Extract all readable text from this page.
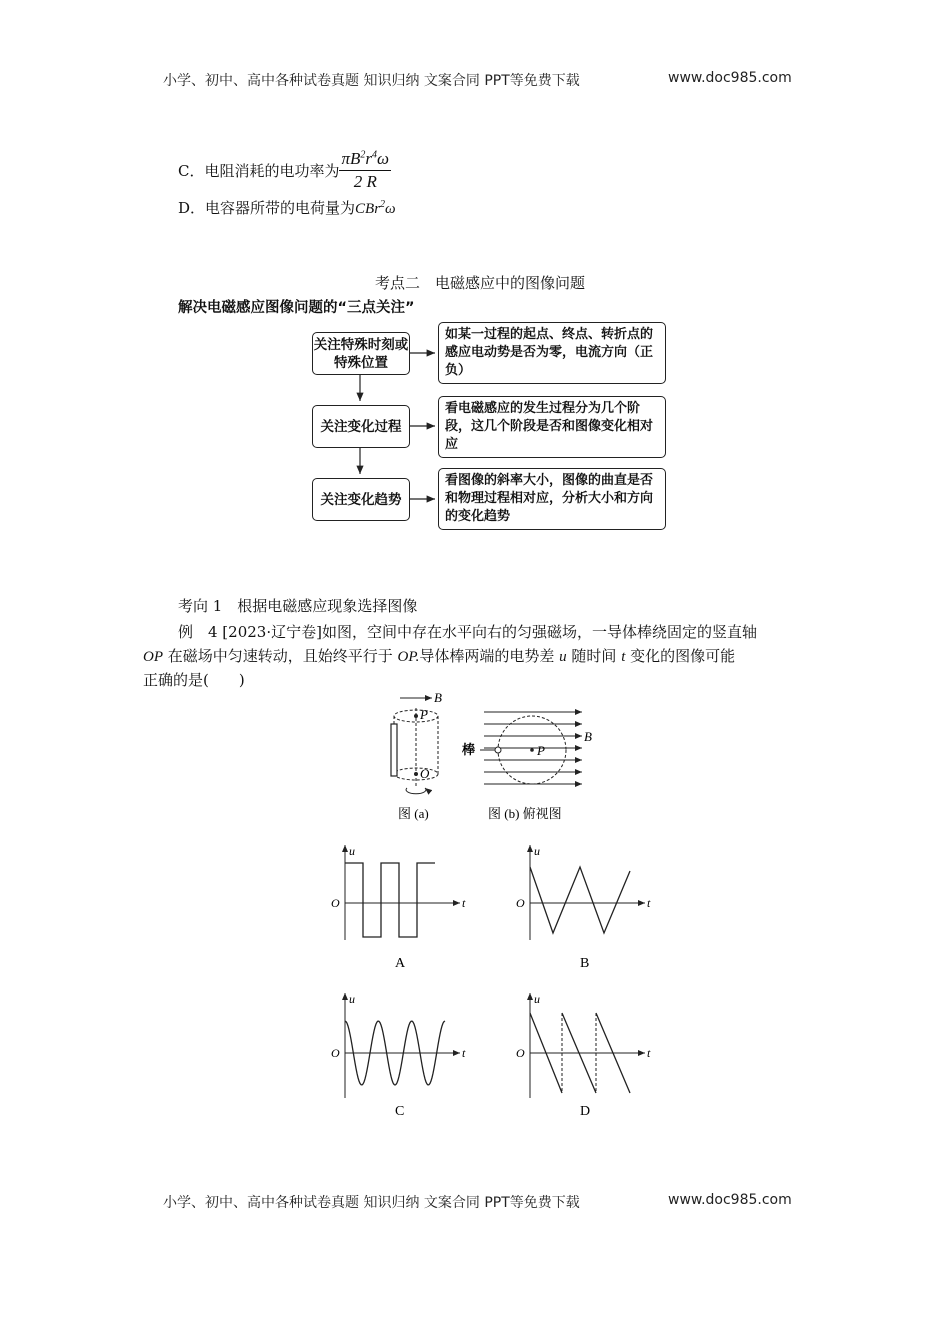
小学、初中、高中各种试卷真题 知识归纳 文案合同 PPT等免费下载	www.doc985.com
C．电阻消耗的电功率为 $\frac{\pi B^2r^4\omega}{2 R}$
D．电容器所带的电荷量为CBr$^2$ω
考点二　电磁感应中的图像问题
解决电磁感应图像问题的“三点关注”
关注特殊时刻或特殊位置
关注变化过程
关注变化趋势
如某一过程的起点、终点、转折点的感应电动势是否为零，电流方向（正负）
看电磁感应的发生过程分为几个阶段，这几个阶段是否和图像变化相对应
看图像的斜率大小，图像的曲直是否和物理过程相对应，分析大小和方向的变化趋势
考向 1　根据电磁感应现象选择图像
例　4 [2023·辽宁卷]如图，空间中存在水平向右的匀强磁场，一导体棒绕固定的竖直轴
OP 在磁场中匀速转动，且始终平行于 OP.导体棒两端的电势差 u 随时间 t 变化的图像可能
正确的是(　　)
B
P
O
图 (a)
P
B
棒
图 (b) 俯视图
u
O	t
A
u
O	t
B
u
O	t
C
u
O	t
D
小学、初中、高中各种试卷真题 知识归纳 文案合同 PPT等免费下载	www.doc985.com
